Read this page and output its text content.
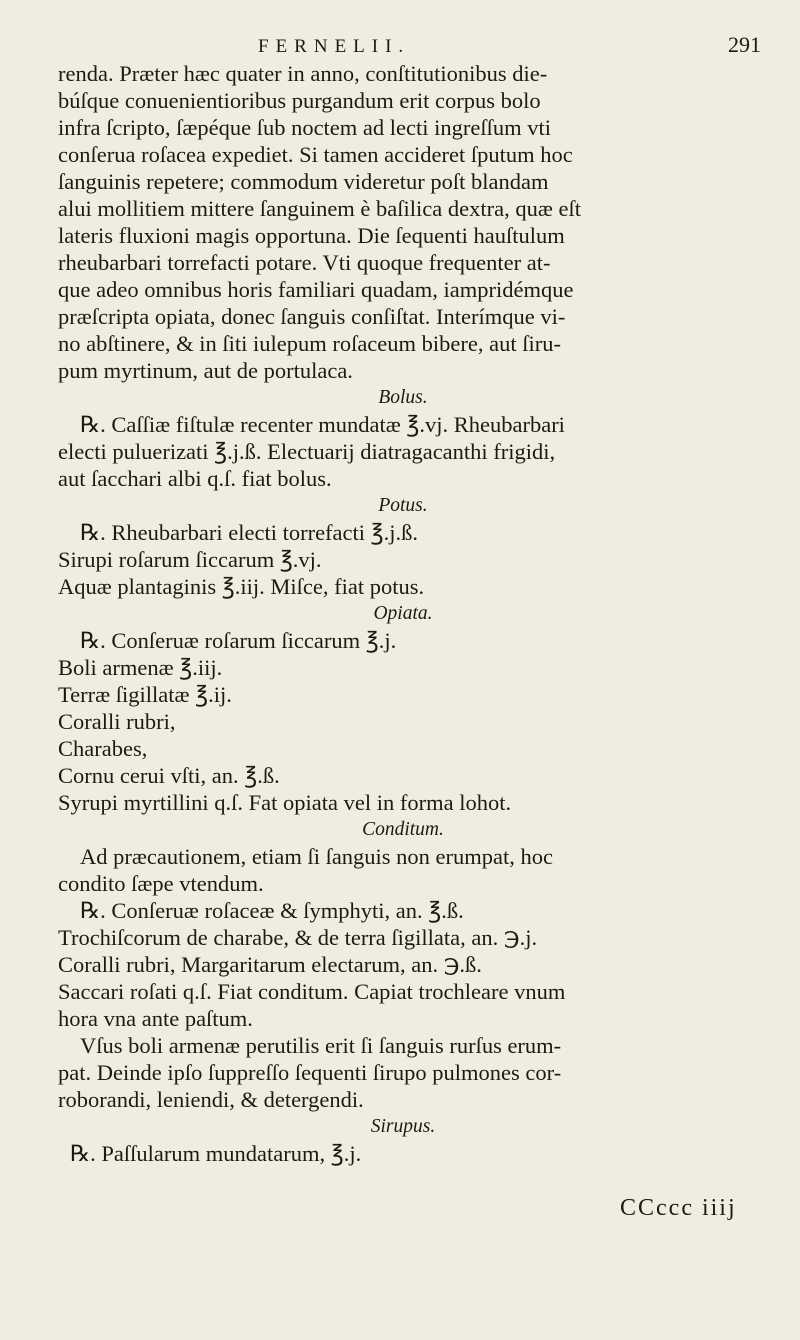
FERNELII.	291
renda. Præter hæc quater in anno, conſtitutionibus die-
búſque conuenientioribus purgandum erit corpus bolo
infra ſcripto, ſæpéque ſub noctem ad lecti ingreſſum vti
conſerua roſacea expediet. Si tamen accideret ſputum hoc
ſanguinis repetere; commodum videretur poſt blandam
alui mollitiem mittere ſanguinem è baſilica dextra, quæ eſt
lateris fluxioni magis opportuna. Die ſequenti hauſtulum
rheubarbari torrefacti potare. Vti quoque frequenter at-
que adeo omnibus horis familiari quadam, iampridémque
præſcripta opiata, donec ſanguis conſiſtat. Interímque vi-
no abſtinere, & in ſiti iulepum roſaceum bibere, aut ſiru-
pum myrtinum, aut de portulaca.
Bolus.
℞. Caſſiæ fiſtulæ recenter mundatæ ℥.vj. Rheubarbari
electi puluerizati ℥.j.ß. Electuarij diatragacanthi frigidi,
aut ſacchari albi q.ſ. fiat bolus.
Potus.
℞. Rheubarbari electi torrefacti ℥.j.ß.
Sirupi roſarum ſiccarum ℥.vj.
Aquæ plantaginis ℥.iij. Miſce, fiat potus.
Opiata.
℞. Conſeruæ roſarum ſiccarum ℥.j.
Boli armenæ ℥.iij.
Terræ ſigillatæ ℥.ij.
Coralli rubri,
Charabes,
Cornu cerui vſti, an. ℥.ß.
Syrupi myrtillini q.ſ. Fat opiata vel in forma lohot.
Conditum.
Ad præcautionem, etiam ſi ſanguis non erumpat, hoc
condito ſæpe vtendum.
℞. Conſeruæ roſaceæ & ſymphyti, an. ℥.ß.
Trochiſcorum de charabe, & de terra ſigillata, an. ℈.j.
Coralli rubri, Margaritarum electarum, an. ℈.ß.
Saccari roſati q.ſ. Fiat conditum. Capiat trochleare vnum
hora vna ante paſtum.
Vſus boli armenæ perutilis erit ſi ſanguis rurſus erum-
pat. Deinde ipſo ſuppreſſo ſequenti ſirupo pulmones cor-
roborandi, leniendi, & detergendi.
Sirupus.
℞. Paſſularum mundatarum, ℥.j.
CCccc iiij
